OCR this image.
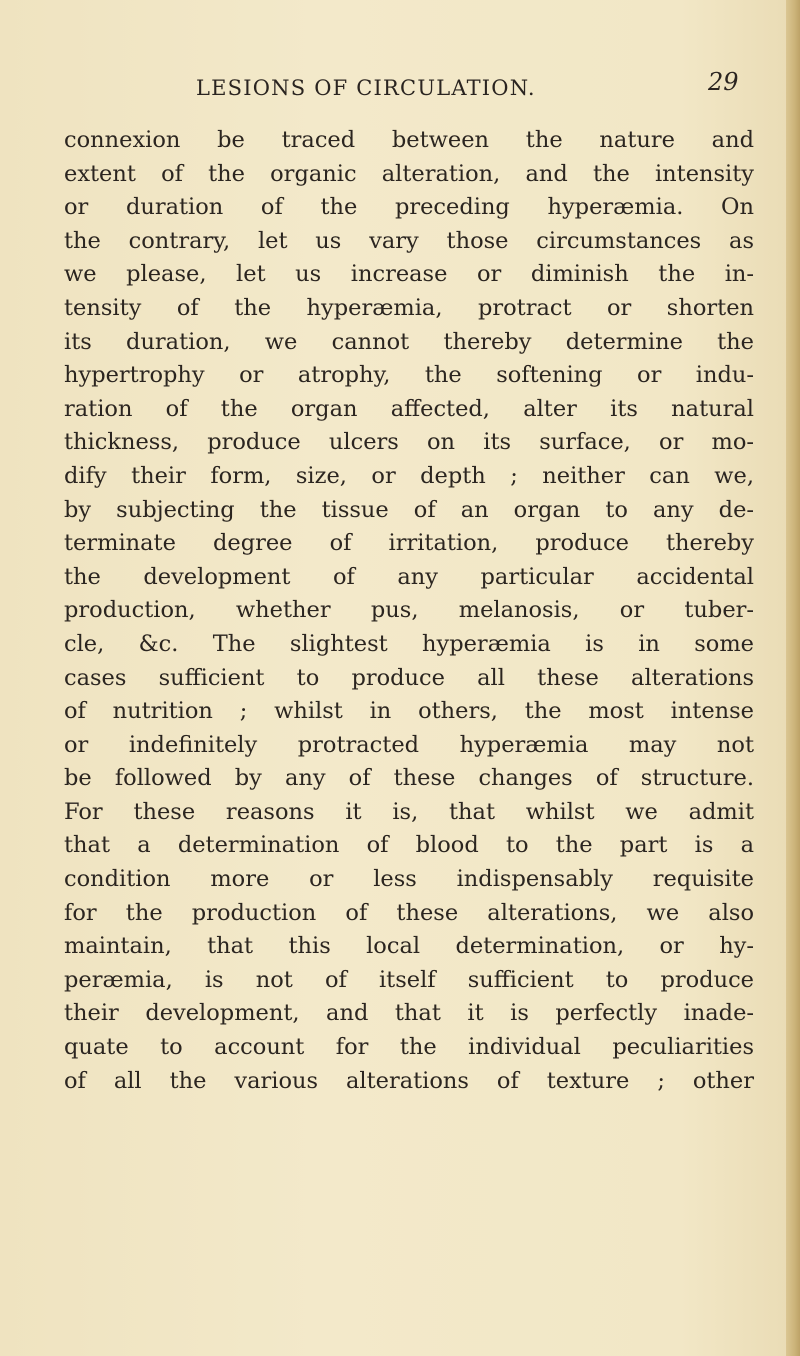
LESIONS OF CIRCULATION.	29
connexion be traced between the nature and
extent of the organic alteration, and the intensity
or duration of the preceding hyperæmia. On
the contrary, let us vary those circumstances as
we please, let us increase or diminish the in-
tensity of the hyperæmia, protract or shorten
its duration, we cannot thereby determine the
hypertrophy or atrophy, the softening or indu-
ration of the organ affected, alter its natural
thickness, produce ulcers on its surface, or mo-
dify their form, size, or depth ; neither can we,
by subjecting the tissue of an organ to any de-
terminate degree of irritation, produce thereby
the development of any particular accidental
production, whether pus, melanosis, or tuber-
cle, &c. The slightest hyperæmia is in some
cases sufficient to produce all these alterations
of nutrition ; whilst in others, the most intense
or indefinitely protracted hyperæmia may not
be followed by any of these changes of structure.
For these reasons it is, that whilst we admit
that a determination of blood to the part is a
condition more or less indispensably requisite
for the production of these alterations, we also
maintain, that this local determination, or hy-
peræmia, is not of itself sufficient to produce
their development, and that it is perfectly inade-
quate to account for the individual peculiarities
of all the various alterations of texture ; other
